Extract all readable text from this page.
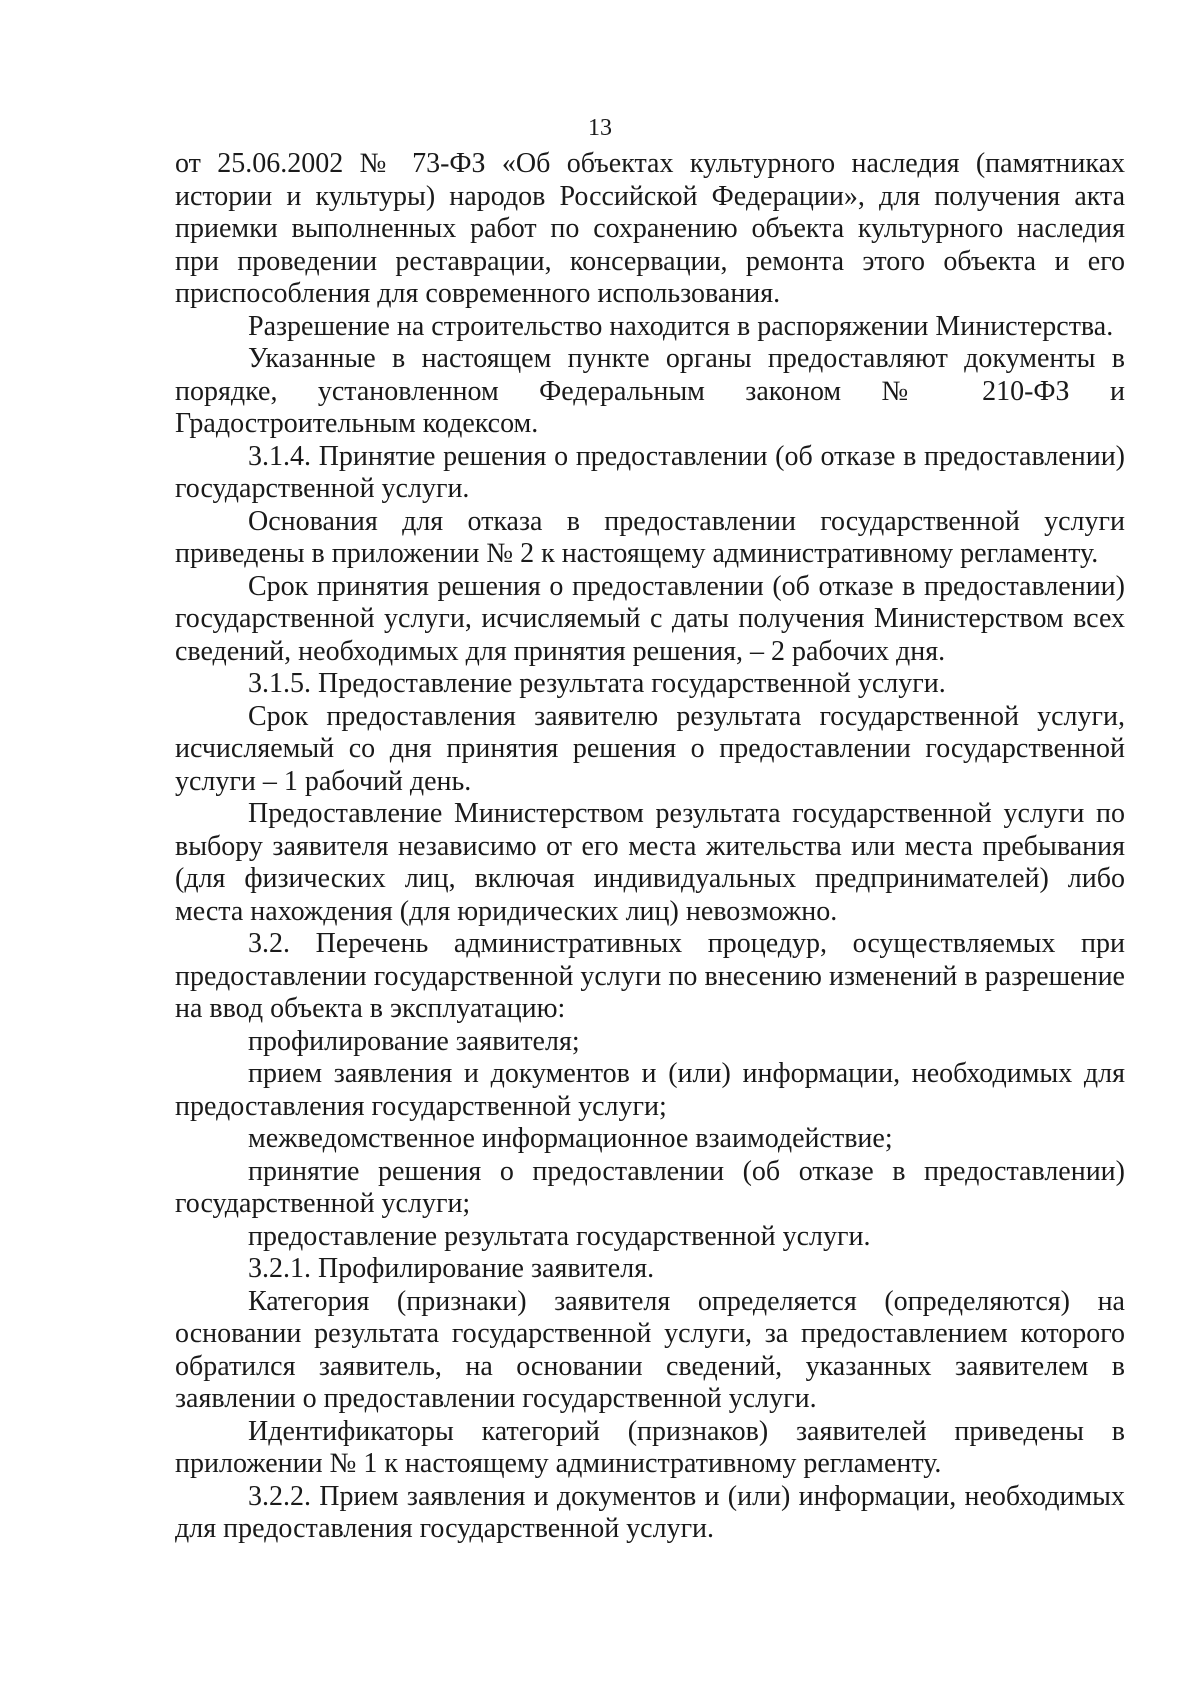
13

от 25.06.2002 № 73-ФЗ «Об объектах культурного наследия (памятниках истории и культуры) народов Российской Федерации», для получения акта приемки выполненных работ по сохранению объекта культурного наследия при проведении реставрации, консервации, ремонта этого объекта и его приспособления для современного использования.

Разрешение на строительство находится в распоряжении Министерства.

Указанные в настоящем пункте органы предоставляют документы в порядке, установленном Федеральным законом № 210-ФЗ и Градостроительным кодексом.

3.1.4. Принятие решения о предоставлении (об отказе в предоставлении) государственной услуги.

Основания для отказа в предоставлении государственной услуги приведены в приложении № 2 к настоящему административному регламенту.

Срок принятия решения о предоставлении (об отказе в предоставлении) государственной услуги, исчисляемый с даты получения Министерством всех сведений, необходимых для принятия решения, – 2 рабочих дня.

3.1.5. Предоставление результата государственной услуги.

Срок предоставления заявителю результата государственной услуги, исчисляемый со дня принятия решения о предоставлении государственной услуги – 1 рабочий день.

Предоставление Министерством результата государственной услуги по выбору заявителя независимо от его места жительства или места пребывания (для физических лиц, включая индивидуальных предпринимателей) либо места нахождения (для юридических лиц) невозможно.

3.2. Перечень административных процедур, осуществляемых при предоставлении государственной услуги по внесению изменений в разрешение на ввод объекта в эксплуатацию:

профилирование заявителя;

прием заявления и документов и (или) информации, необходимых для предоставления государственной услуги;

межведомственное информационное взаимодействие;

принятие решения о предоставлении (об отказе в предоставлении) государственной услуги;

предоставление результата государственной услуги.

3.2.1. Профилирование заявителя.

Категория (признаки) заявителя определяется (определяются) на основании результата государственной услуги, за предоставлением которого обратился заявитель, на основании сведений, указанных заявителем в заявлении о предоставлении государственной услуги.

Идентификаторы категорий (признаков) заявителей приведены в приложении № 1 к настоящему административному регламенту.

3.2.2. Прием заявления и документов и (или) информации, необходимых для предоставления государственной услуги.
